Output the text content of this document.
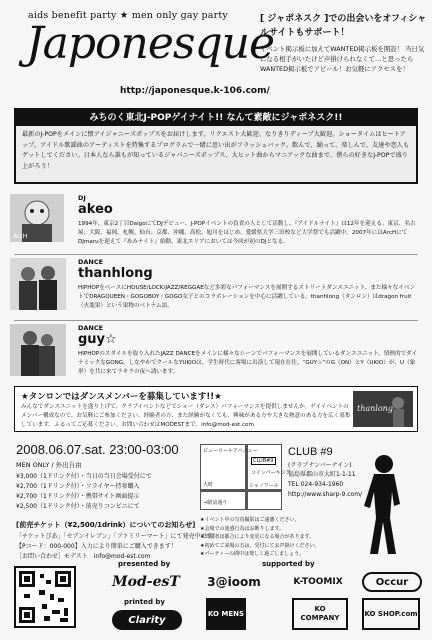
aids benefit party ★ men only gay party
Japonesque
http://japonesque.k-106.com/
[ ジャポネスク ]での出会いをオフィシャルサイトもサポート！
イベント掲示板に加えてWANTED掲示板を開設！ 当日気になる相手がいたけど声掛けられなくて…と思ったらWANTED掲示板でアピール！お気軽にアクセスを！
みちのく東北J-POPゲイナイト!! なんて素敵にジャポネスク!!
最新のJ-POPをメインに懐アイジャニーズポップスをお届けします。リクエスト大歓迎、なりきりディープ大歓迎。ショータイムはヒートアップ。アイドル歌謡曲のアーティストを特集するプログラムで一緒に思い出がフラッシュバック。飲んで、踊って、楽しんで、友達や恋人もゲットしてください。日本人なら誰もが知っているジャパニーズポップス、大ヒット曲からマニアックな曲まで、僕らの好きなJ-POPで盛り上がろう！
ArcH
DJ
akeo
1994年、東京2丁目DaigoにてDJデビュー、J-POPイベントの負責の人として活動し、『アイドルナイト』は12年を迎える。東京、名古屋、大阪、福岡、札幌、仙台、京都、沖縄、高松、旭川をはじめ、愛媛県大学三田校など大学祭でも活躍中。2007年にはArcHにてDJmaruを迎えて『あみナイト』始動、東北エリアにおいては今回が初のDJとなる。
DANCE
thanhlong
HIPHOPをベースにHOUSE/LOCK/JAZZ/REGGAEなど多彩なパフォーマンスを展開するストリートダンスユニット、また様々なイベントでDRAGQUEEN・GOGOBOY・GOGO女子とのコラボレーションを中心に活躍している。thanhlong（タンロン）はdragon fruit（火龍果）という果物のベトナム語。
DANCE
guy☆
HIPHOPのスタイルを取り入れたJAZZ DANCEをメインに様々なシーンでパフォーマンスを展開しているダンスユニット。情熱的でダイナミックなGONG、しなやかでクールなYUKIOは、学生時代に客場に出演して現在在住。“GUY☆”のG（ON）とY（UKIO）が、U（象形）を共に来てラキラの夜へ誘います。
★タンロンではダンスメンバーを募集しています!!★
みんなでダンスユニットを盛り上げて、クラブイベントなどでショー（ダンス）パフォーマンスを提供しませんか。ゲイイベントのメンバー構成なので、お気軽にご参加ください。経験者の方、また経験がなくても、興味がある方や大きな熱意のある方を広く募集しています。ふるってご応募ください。お問い合わせはMODESTまで。info@mod-est.com
thanlong
2008.06.07.sat. 23:00-03:00
MEN ONLY / 外出自由
¥3,000（1ドリンク付）・当日の当日会場受付にて
¥2,700（1ドリンク付）・フライヤー持参購入
¥2,700（1ドリンク付）・携帯サイト画面提示
¥2,500（1ドリンク付）・前売りコンビニにて
[前売チケット（¥2,500/1drink）についてのお知らせ]
「チケットぴあ」「セブンイレブン」「ファミリーマート」にて発売中です！
【Pコード：000-000】入力により簡単にご購入できます！
［お問い合わせ］モデスト　info@mod-est.com
ビューロールアベニュー
CLUB#9
コインパーキング
大町	シャノワール
→駅前通り
CLUB #9
(クラブナンバーナイン)
福島県郡山市大町1-1-11
TEL 024-934-1960
http://www.sharp-9.com/
★イベント中の写真撮影はご遠慮ください。
★会場での迷惑行為はお断りします。
★出演者は都合により変更になる場合があります。
★初めてご来場の方は、受付にてお声掛けください。
★パーティーの間中は楽しく過ごしましょう。
presented by
Mod-esT
printed by
Clarity
supported by
3@ioom	K-TOOMIX	Occur
KO MENS
KO COMPANY
KO SHOP.com
